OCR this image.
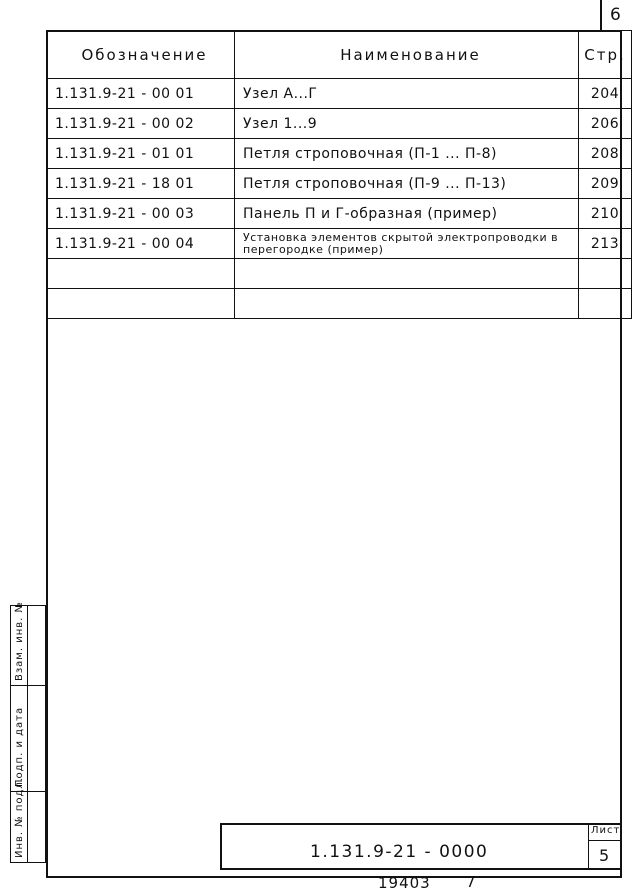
6
Обозначение	Наименование	Стр.
1.131.9-21 - 00 01	Узел А...Г	204
1.131.9-21 - 00 02	Узел 1...9	206
1.131.9-21 - 01 01	Петля строповочная (П-1 ... П-8)	208
1.131.9-21 - 18 01	Петля строповочная (П-9 ... П-13)	209
1.131.9-21 - 00 03	Панель П и Г-образная (пример)	210
1.131.9-21 - 00 04	Установка элементов скрытой электропроводки в перегородке (пример)	213

Взам. инв. №
Подп. и дата
Инв. № подл.	1.131.9-21 - 0000
Лист
5
19403 7
